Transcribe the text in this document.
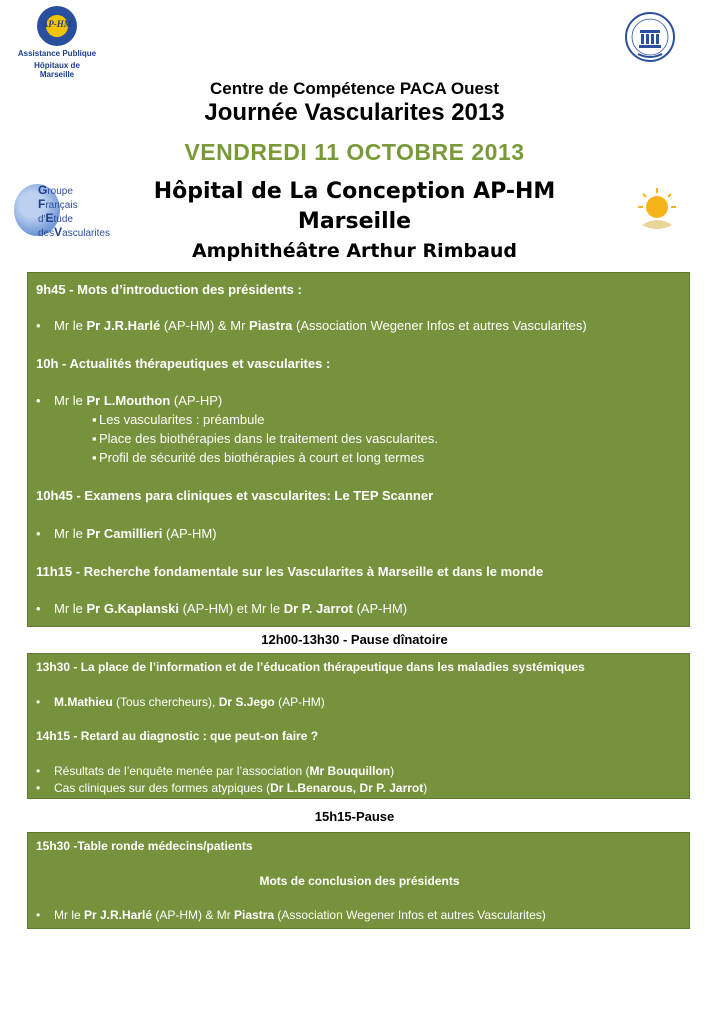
AP-HM
Assistance Publique
Hôpitaux de Marseille
Groupe
Français
d'Etude
desVascularites
Centre de Compétence PACA Ouest
Journée Vascularites 2013
VENDREDI 11 OCTOBRE 2013
Hôpital de La Conception AP-HM
Marseille
Amphithéâtre Arthur Rimbaud
9h45 - Mots d’introduction des présidents :
• Mr le Pr J.R.Harlé (AP-HM) & Mr Piastra (Association Wegener Infos et autres Vascularites)
10h - Actualités thérapeutiques et vascularites :
• Mr le Pr L.Mouthon (AP-HP)
▪ Les vascularites : préambule
▪ Place des biothérapies dans le traitement des vascularites.
▪ Profil de sécurité des biothérapies à court et long termes
10h45 - Examens para cliniques et vascularites: Le TEP Scanner
• Mr le Pr Camillieri (AP-HM)
11h15 - Recherche fondamentale sur les Vascularites à Marseille et dans le monde
• Mr le Pr G.Kaplanski (AP-HM) et Mr le Dr P. Jarrot (AP-HM)
12h00-13h30 - Pause dînatoire
13h30 - La place de l’information et de l’éducation thérapeutique dans les maladies systémiques
• M.Mathieu (Tous chercheurs), Dr S.Jego (AP-HM)
14h15 - Retard au diagnostic : que peut-on faire ?
• Résultats de l’enquête menée par l’association (Mr Bouquillon)
• Cas cliniques sur des formes atypiques (Dr L.Benarous, Dr P. Jarrot)
15h15-Pause
15h30 -Table ronde médecins/patients
Mots de conclusion des présidents
• Mr le Pr J.R.Harlé (AP-HM) & Mr Piastra (Association Wegener Infos et autres Vascularites)
